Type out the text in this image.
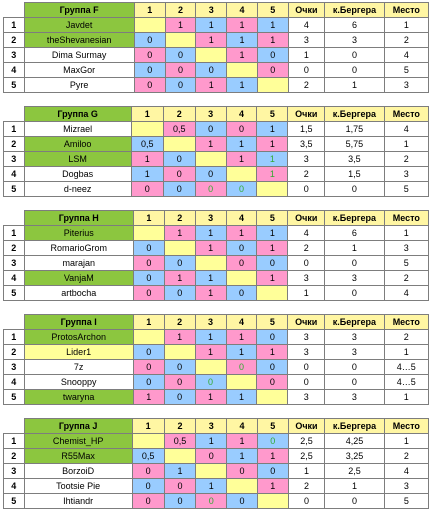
	Группа F	1	2	3	4	5	Очки	к.Бергера	Место
1	Javdet		1	1	1	1	4	6	1
2	theShevanesian	0		1	1	1	3	3	2
3	Dima Surmay	0	0		1	0	1	0	4
4	MaxGor	0	0	0		0	0	0	5
5	Pyre	0	0	1	1		2	1	3
	Группа G	1	2	3	4	5	Очки	к.Бергера	Место
1	Mizrael		0,5	0	0	1	1,5	1,75	4
2	Amiloo	0,5		1	1	1	3,5	5,75	1
3	LSM	1	0		1	1	3	3,5	2
4	Dogbas	1	0	0		1	2	1,5	3
5	d-neez	0	0	0	0		0	0	5
	Группа H	1	2	3	4	5	Очки	к.Бергера	Место
1	Piterius		1	1	1	1	4	6	1
2	RomarioGrom	0		1	0	1	2	1	3
3	marajan	0	0		0	0	0	0	5
4	VanjaM	0	1	1		1	3	3	2
5	artbocha	0	0	1	0		1	0	4
	Группа I	1	2	3	4	5	Очки	к.Бергера	Место
1	ProtosArchon		1	1	1	0	3	3	2
2	Lider1	0		1	1	1	3	3	1
3	7z	0	0		0	0	0	0	4…5
4	Snooppy	0	0	0		0	0	0	4…5
5	twaryna	1	0	1	1		3	3	1
	Группа J	1	2	3	4	5	Очки	к.Бергера	Место
1	Chemist_HP		0,5	1	1	0	2,5	4,25	1
2	R55Max	0,5		0	1	1	2,5	3,25	2
3	BorzoiD	0	1		0	0	1	2,5	4
4	Tootsie Pie	0	0	1		1	2	1	3
5	Ihtiandr	0	0	0	0		0	0	5
